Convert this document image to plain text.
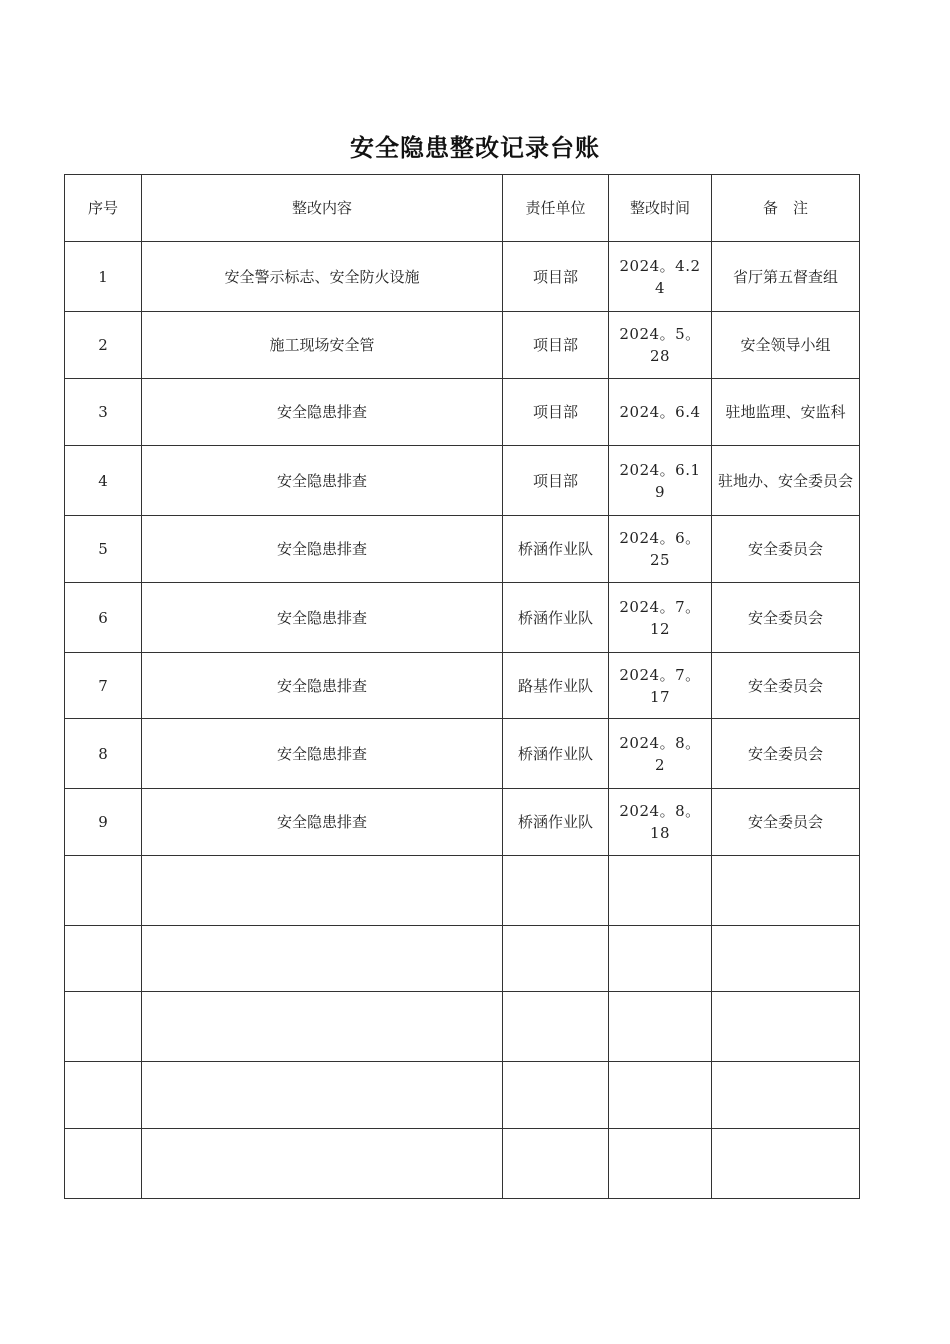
安全隐患整改记录台账
序号	整改内容	责任单位	整改时间	备　注
1	安全警示标志、安全防火设施	项目部	2024。4.24	省厅第五督查组
2	施工现场安全管	项目部	2024。5。28	安全领导小组
3	安全隐患排查	项目部	2024。6.4	驻地监理、安监科
4	安全隐患排查	项目部	2024。6.19	驻地办、安全委员会
5	安全隐患排查	桥涵作业队	2024。6。25	安全委员会
6	安全隐患排查	桥涵作业队	2024。7。12	安全委员会
7	安全隐患排查	路基作业队	2024。7。17	安全委员会
8	安全隐患排查	桥涵作业队	2024。8。2	安全委员会
9	安全隐患排查	桥涵作业队	2024。8。18	安全委员会
